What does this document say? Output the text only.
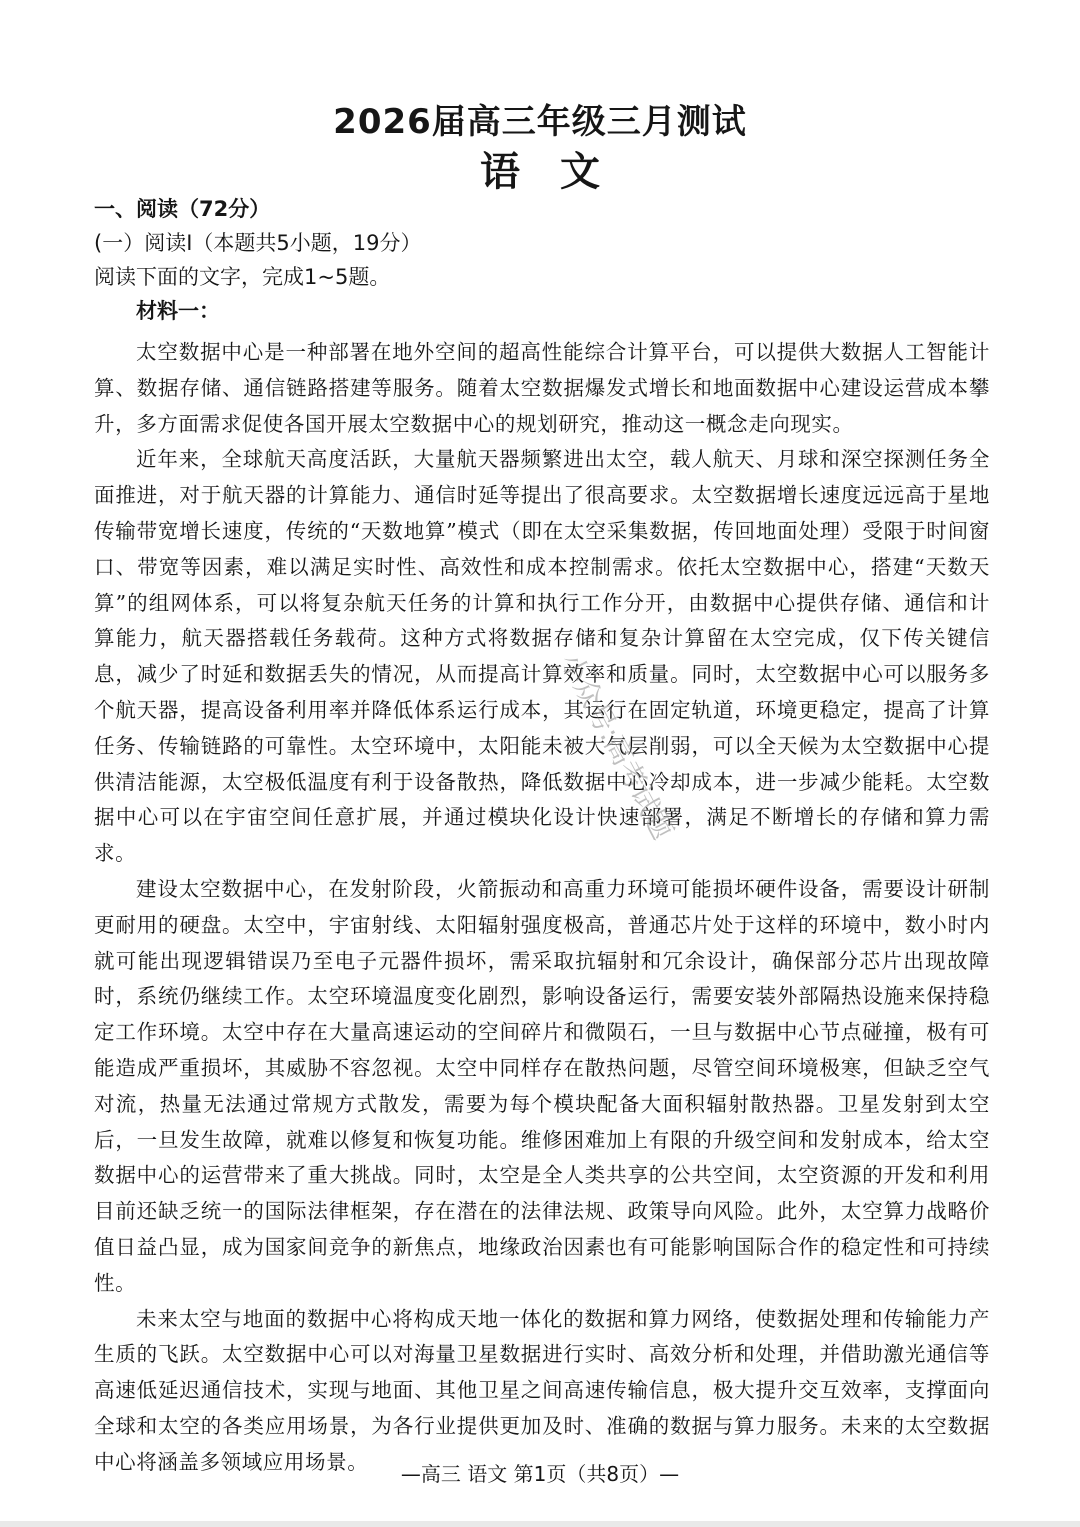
2026届高三年级三月测试
语　文
一、阅读（72分）
(一）阅读Ⅰ（本题共5小题，19分）
阅读下面的文字，完成1~5题。
材料一：

太空数据中心是一种部署在地外空间的超高性能综合计算平台，可以提供大数据人工智能计算、数据存储、通信链路搭建等服务。随着太空数据爆发式增长和地面数据中心建设运营成本攀升，多方面需求促使各国开展太空数据中心的规划研究，推动这一概念走向现实。

近年来，全球航天高度活跃，大量航天器频繁进出太空，载人航天、月球和深空探测任务全面推进，对于航天器的计算能力、通信时延等提出了很高要求。太空数据增长速度远远高于星地传输带宽增长速度，传统的“天数地算”模式（即在太空采集数据，传回地面处理）受限于时间窗口、带宽等因素，难以满足实时性、高效性和成本控制需求。依托太空数据中心，搭建“天数天算”的组网体系，可以将复杂航天任务的计算和执行工作分开，由数据中心提供存储、通信和计算能力，航天器搭载任务载荷。这种方式将数据存储和复杂计算留在太空完成，仅下传关键信息，减少了时延和数据丢失的情况，从而提高计算效率和质量。同时，太空数据中心可以服务多个航天器，提高设备利用率并降低体系运行成本，其运行在固定轨道，环境更稳定，提高了计算任务、传输链路的可靠性。太空环境中，太阳能未被大气层削弱，可以全天候为太空数据中心提供清洁能源，太空极低温度有利于设备散热，降低数据中心冷却成本，进一步减少能耗。太空数据中心可以在宇宙空间任意扩展，并通过模块化设计快速部署，满足不断增长的存储和算力需求。

建设太空数据中心，在发射阶段，火箭振动和高重力环境可能损坏硬件设备，需要设计研制更耐用的硬盘。太空中，宇宙射线、太阳辐射强度极高，普通芯片处于这样的环境中，数小时内就可能出现逻辑错误乃至电子元器件损坏，需采取抗辐射和冗余设计，确保部分芯片出现故障时，系统仍继续工作。太空环境温度变化剧烈，影响设备运行，需要安装外部隔热设施来保持稳定工作环境。太空中存在大量高速运动的空间碎片和微陨石，一旦与数据中心节点碰撞，极有可能造成严重损坏，其威胁不容忽视。太空中同样存在散热问题，尽管空间环境极寒，但缺乏空气对流，热量无法通过常规方式散发，需要为每个模块配备大面积辐射散热器。卫星发射到太空后，一旦发生故障，就难以修复和恢复功能。维修困难加上有限的升级空间和发射成本，给太空数据中心的运营带来了重大挑战。同时，太空是全人类共享的公共空间，太空资源的开发和利用目前还缺乏统一的国际法律框架，存在潜在的法律法规、政策导向风险。此外，太空算力战略价值日益凸显，成为国家间竞争的新焦点，地缘政治因素也有可能影响国际合作的稳定性和可持续性。

未来太空与地面的数据中心将构成天地一体化的数据和算力网络，使数据处理和传输能力产生质的飞跃。太空数据中心可以对海量卫星数据进行实时、高效分析和处理，并借助激光通信等高速低延迟通信技术，实现与地面、其他卫星之间高速传输信息，极大提升交互效率，支撑面向全球和太空的各类应用场景，为各行业提供更加及时、准确的数据与算力服务。未来的太空数据中心将涵盖多领域应用场景。

小众号:高考试题
—高三 语文 第1页（共8页）—
